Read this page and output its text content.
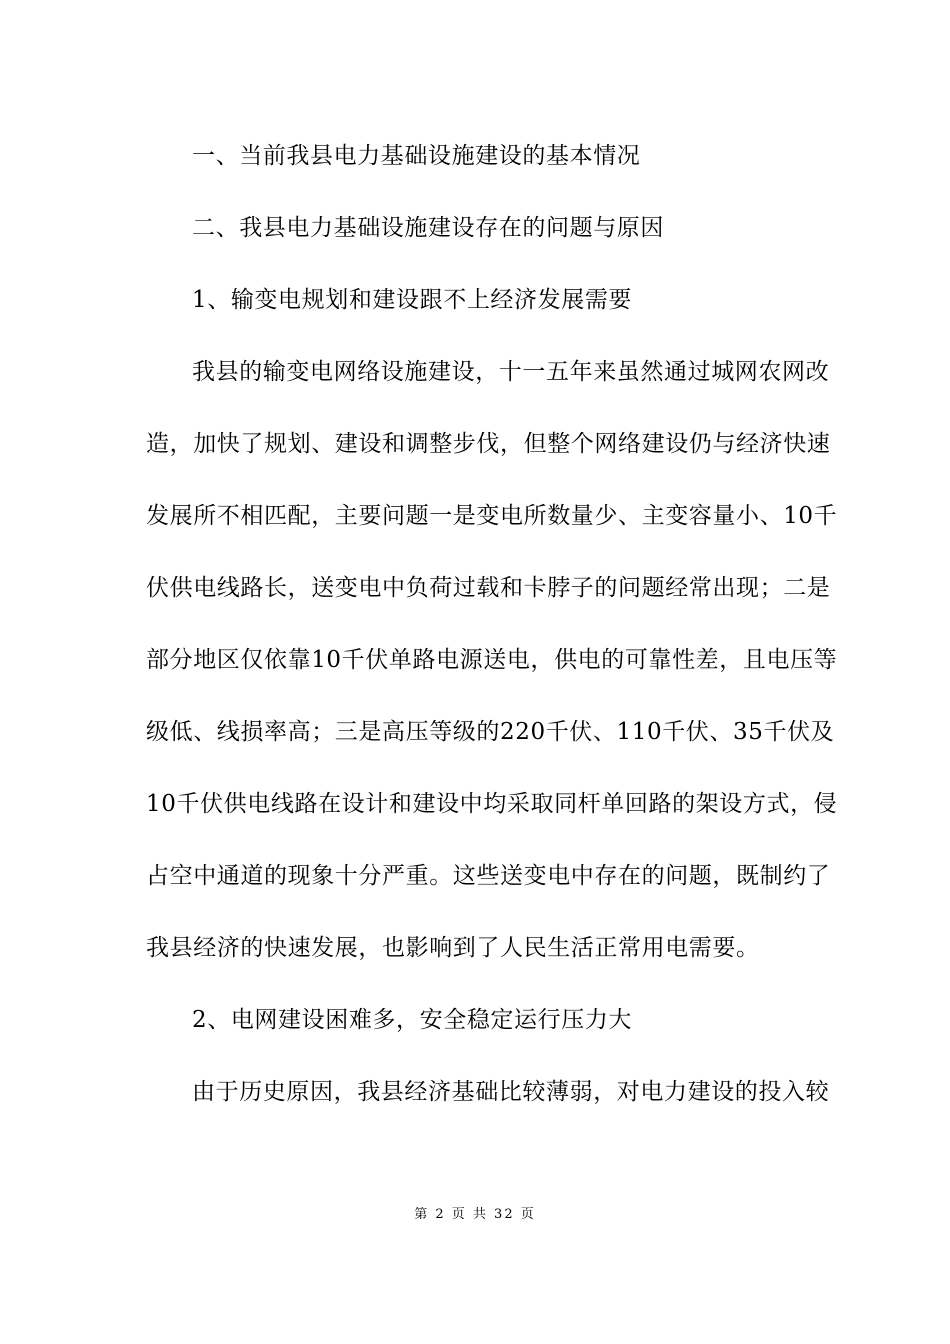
一、当前我县电力基础设施建设的基本情况
二、我县电力基础设施建设存在的问题与原因
1、输变电规划和建设跟不上经济发展需要
我县的输变电网络设施建设，十一五年来虽然通过城网农网改
造，加快了规划、建设和调整步伐，但整个网络建设仍与经济快速
发展所不相匹配，主要问题一是变电所数量少、主变容量小、10千
伏供电线路长，送变电中负荷过载和卡脖子的问题经常出现；二是
部分地区仅依靠10千伏单路电源送电，供电的可靠性差，且电压等
级低、线损率高；三是高压等级的220千伏、110千伏、35千伏及
10千伏供电线路在设计和建设中均采取同杆单回路的架设方式，侵
占空中通道的现象十分严重。这些送变电中存在的问题，既制约了
我县经济的快速发展，也影响到了人民生活正常用电需要。
2、电网建设困难多，安全稳定运行压力大
由于历史原因，我县经济基础比较薄弱，对电力建设的投入较
第 2 页 共 32 页
